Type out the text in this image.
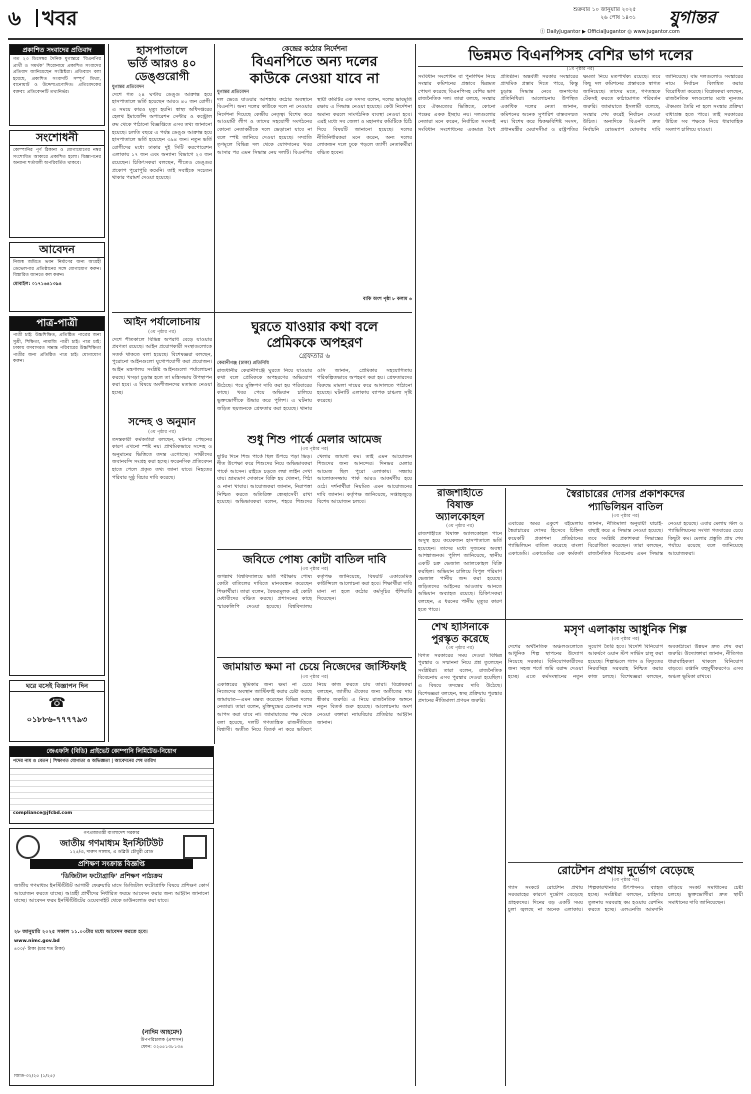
৬	খবর	শুক্রবার ১০ জানুয়ারি ২০২৫
২৬ পৌষ ১৪৩১	যুগান্তর
ⓕ DailyJugantor ▶ OfficialJugantor ◎ www.jugantor.com
প্রকাশিত সংবাদের প্রতিবাদ
গত ২৩ ডিসেম্বর দৈনিক যুগান্তরে 'বিএনপির প্রার্থী ও সমর্থক' শিরোনামে প্রকাশিত সংবাদের প্রতিবাদ জানিয়েছেন সংশ্লিষ্টরা। প্রতিবাদে বলা হয়েছে, প্রকাশিত সংবাদটি সম্পূর্ণ মিথ্যা, বানোয়াট ও উদ্দেশ্যপ্রণোদিত। প্রতিবেদকের বক্তব্য: প্রতিবেদনটি তথ্যনির্ভর।
সংশোধনী
কোম্পানির পূর্ণ ঠিকানা ও যোগাযোগের নম্বর সংশোধিত আকারে প্রকাশিত হলো। বিজ্ঞাপনের অন্যান্য শর্তাবলী অপরিবর্তিত থাকবে।
আবেদন
নিজস্ব জমিতে ভবন নির্মাণের জন্য আগ্রহী ডেভেলপার প্রতিষ্ঠানের সঙ্গে যোগাযোগ করুন। বিস্তারিত জানতে কল করুন।
মোবাইল: ০১৭১৬৪১৩৯৪
পাত্র-পাত্রী
পাত্রী চাই: উচ্চশিক্ষিত, প্রতিষ্ঠিত পাত্রের জন্য সুশ্রী, শিক্ষিতা, নামাজি পাত্রী চাই। পাত্র চাই: ঢাকায় বসবাসরত সম্ভ্রান্ত পরিবারের উচ্চশিক্ষিতা পাত্রীর জন্য প্রতিষ্ঠিত পাত্র চাই। যোগাযোগ করুন।
ঘরে বসেই বিজ্ঞাপন দিন
☎
০১৮৮৬-৭৭৭৭৯৩
হাসপাতালে
ভর্তি আরও ৪০
ডেঙ্গুরোগী
যুগান্তর প্রতিবেদন
দেশে গত ২৪ ঘণ্টায় ডেঙ্গু আক্রান্ত হয়ে হাসপাতালে ভর্তি হয়েছেন আরও ৪০ জন রোগী। এ সময়ে কারও মৃত্যু হয়নি। স্বাস্থ্য অধিদপ্তরের হেলথ ইমার্জেন্সি অপারেশন সেন্টার ও কন্ট্রোল রুম থেকে পাঠানো বিজ্ঞপ্তিতে এসব তথ্য জানানো হয়েছে। চলতি বছরে এ পর্যন্ত ডেঙ্গু আক্রান্ত হয়ে হাসপাতালে ভর্তি হয়েছেন ৩৯৪ জন। নতুন ভর্তি রোগীদের মধ্যে ঢাকার দুই সিটি করপোরেশন এলাকায় ১৭ জন এবং অন্যান্য বিভাগে ২৩ জন রয়েছেন। চিকিৎসকরা বলছেন, শীতেও ডেঙ্গুর প্রকোপ পুরোপুরি কমেনি। তাই সবাইকে সচেতন থাকার পরামর্শ দেওয়া হয়েছে।
কেন্দ্রের কঠোর নির্দেশনা
বিএনপিতে অন্য দলের
কাউকে নেওয়া যাবে না
যুগান্তর প্রতিবেদন
দল ভেঙে যাওয়ার আশঙ্কায় কঠোর অবস্থানে বিএনপি। অন্য দলের কাউকে দলে না নেওয়ার নির্দেশনা দিয়েছে কেন্দ্রীয় নেতৃত্ব। বিশেষ করে আওয়ামী লীগ ও তাদের সহযোগী সংগঠনের কোনো নেতাকর্মীকে দলে ভেড়ানো যাবে না বলে স্পষ্ট জানিয়ে দেওয়া হয়েছে। সম্প্রতি তৃণমূলে বিভিন্ন দল থেকে যোগদানের খবর আসার পর এমন সিদ্ধান্ত নেয় দলটি। বিএনপির স্থায়ী কমিটির এক সদস্য বলেন, দলের ভাবমূর্তি রক্ষায় এ সিদ্ধান্ত নেওয়া হয়েছে। কেউ নির্দেশনা অমান্য করলে সাংগঠনিক ব্যবস্থা নেওয়া হবে। এরই মধ্যে সব জেলা ও মহানগর কমিটিকে চিঠি দিয়ে বিষয়টি জানানো হয়েছে। দলের নীতিনির্ধারকরা মনে করেন, অন্য দলের লোকজন দলে ঢুকে পড়লে ত্যাগী নেতাকর্মীরা বঞ্চিত হবেন।
বাকি অংশ পৃষ্ঠা ৮ কলাম ৬
ভিন্নমত বিএনপিসহ বেশির ভাগ দলের
(১ম পৃষ্ঠার পর)
সংবিধান সংশোধন বা পুনর্লিখন নিয়ে সংস্কার কমিশনের প্রস্তাবে ভিন্নমত পোষণ করেছে বিএনপিসহ বেশির ভাগ রাজনৈতিক দল। তারা বলছে, সংস্কার হবে ঐকমত্যের ভিত্তিতে, কোনো পক্ষের একক ইচ্ছায় নয়। দলগুলোর নেতারা মনে করেন, নির্বাচিত সংসদই সংবিধান সংশোধনের একমাত্র বৈধ প্রতিষ্ঠান। অন্তর্বর্তী সরকার সংস্কারের প্রাথমিক প্রস্তাব দিতে পারে, কিন্তু চূড়ান্ত সিদ্ধান্ত নেবে জনগণের প্রতিনিধিরা। আলোচনায় উপস্থিত একাধিক দলের নেতা জানান, কমিশনের অনেক সুপারিশ বাস্তবসম্মত নয়। বিশেষ করে দ্বিকক্ষবিশিষ্ট সংসদ, প্রধানমন্ত্রীর মেয়াদসীমা ও রাষ্ট্রপতির ক্ষমতা নিয়ে মতপার্থক্য রয়েছে। তবে কিছু দল কমিশনের প্রস্তাবকে স্বাগত জানিয়েছে। তাদের মতে, গণতন্ত্রকে টেকসই করতে কাঠামোগত পরিবর্তন জরুরি। জামায়াতে ইসলামী বলেছে, সংস্কার শেষ করেই নির্বাচন দেওয়া উচিত। অন্যদিকে বিএনপি দ্রুত নির্বাচনি রোডম্যাপ ঘোষণার দাবি জানিয়েছে। বাম দলগুলোও সংস্কারের নামে নির্বাচন বিলম্বিত করার বিরোধিতা করেছে। বিশ্লেষকরা বলছেন, রাজনৈতিক দলগুলোর মধ্যে ন্যূনতম ঐকমত্য তৈরি না হলে সংস্কার প্রক্রিয়া বাধাগ্রস্ত হতে পারে। তাই সরকারের উচিত সব পক্ষকে নিয়ে ধারাবাহিক সংলাপ চালিয়ে যাওয়া।
আইন পর্যালোচনায়
(৩য় পৃষ্ঠার পর)
দেশে শীতকালে বিভিন্ন অপরাধ বেড়ে যাওয়ার প্রবণতা রয়েছে। আইন প্রয়োগকারী সংস্থাগুলোকে সতর্ক থাকতে বলা হয়েছে। বিশেষজ্ঞরা বলছেন, পুরোনো আইনগুলো যুগোপযোগী করা প্রয়োজন। আইন মন্ত্রণালয় সংশ্লিষ্ট আইনগুলো পর্যালোচনা করছে। খসড়া চূড়ান্ত হলে তা মন্ত্রিসভায় উপস্থাপন করা হবে। এ বিষয়ে অংশীজনদের মতামত নেওয়া হচ্ছে।
ঘুরতে যাওয়ার কথা বলে
প্রেমিককে অপহরণ
গ্রেফতার ৬
কেরানীগঞ্জ (ঢাকা) প্রতিনিধি
রাজধানীর কেরানীগঞ্জে ঘুরতে নিয়ে যাওয়ার কথা বলে প্রেমিককে অপহরণের অভিযোগ উঠেছে। পরে মুক্তিপণ দাবি করা হয় পরিবারের কাছে। খবর পেয়ে অভিযান চালিয়ে ভুক্তভোগীকে উদ্ধার করে পুলিশ। এ ঘটনায় জড়িত ছয়জনকে গ্রেফতার করা হয়েছে। থানার ওসি জানান, প্রেমিকার সহযোগিতায় পরিকল্পিতভাবে অপহরণ করা হয়। গ্রেফতারদের বিরুদ্ধে মামলা দায়ের করে আদালতে পাঠানো হয়েছে। ঘটনাটি এলাকায় ব্যাপক চাঞ্চল্য সৃষ্টি করেছে।
সন্দেহ ও অনুমান
(৩য় পৃষ্ঠার পর)
তদন্তকারী কর্মকর্তারা বলছেন, ঘটনার পেছনের কারণ এখনো স্পষ্ট নয়। প্রাথমিকভাবে সন্দেহ ও অনুমানের ভিত্তিতে তদন্ত এগোচ্ছে। সাক্ষীদের জবানবন্দি সংগ্রহ করা হচ্ছে। ফরেনসিক প্রতিবেদন হাতে পেলে প্রকৃত তথ্য জানা যাবে। নিহতের পরিবার সুষ্ঠু বিচার দাবি করেছে।
শুধু শিশু পার্কে মেলার আমেজ
(৩য় পৃষ্ঠার পর)
ছুটির দিনে শিশু পার্কে ছিল উপচে পড়া ভিড়। শীত উপেক্ষা করে শিশুদের নিয়ে অভিভাবকরা পার্কে আসেন। রাইডে চড়তে লম্বা লাইন দেখা যায়। ভ্রাম্যমাণ দোকানে বিক্রি হয় খেলনা, পিঠা ও নানা খাবার। আয়োজকরা জানান, নিরাপত্তা নিশ্চিত করতে অতিরিক্ত স্বেচ্ছাসেবী রাখা হয়েছে। অভিভাবকরা বলেন, শহরে শিশুদের খেলার জায়গা কম। তাই এমন আয়োজন শিশুদের জন্য আনন্দের। দিনভর মেলার আমেজ ছিল পুরো এলাকায়। সন্ধ্যায় আলোকসজ্জায় পার্ক আরও আকর্ষণীয় হয়ে ওঠে। দর্শনার্থীরা নিয়মিত এমন আয়োজনের দাবি জানান। কর্তৃপক্ষ জানিয়েছে, সপ্তাহজুড়ে বিশেষ আয়োজন চলবে।
রাজশাহীতে
বিষাক্ত
অ্যালকোহল
(৩য় পৃষ্ঠার পর)
রাজশাহীতে বিষাক্ত অ্যালকোহল পানে অসুস্থ হয়ে কয়েকজন হাসপাতালে ভর্তি হয়েছেন। তাদের মধ্যে দুজনের অবস্থা আশঙ্কাজনক। পুলিশ জানিয়েছে, স্থানীয় একটি চক্র ভেজাল অ্যালকোহল বিক্রি করছিল। অভিযান চালিয়ে বিপুল পরিমাণ ভেজাল পানীয় জব্দ করা হয়েছে। জড়িতদের আইনের আওতায় আনতে অভিযান অব্যাহত রয়েছে। চিকিৎসকরা বলছেন, এ ধরনের পানীয় মৃত্যুর কারণ হতে পারে।
স্বৈরাচারের দোসর প্রকাশকদের
প্যাভিলিয়ন বাতিল
(৩য় পৃষ্ঠার পর)
এবারের অমর একুশে বইমেলায় স্বৈরাচারের দোসর হিসেবে চিহ্নিত কয়েকটি প্রকাশনা প্রতিষ্ঠানের প্যাভিলিয়ন বাতিল করেছে বাংলা একাডেমি। একাডেমির এক কর্মকর্তা জানান, নীতিমালা অনুযায়ী যাচাই-বাছাই করে এ সিদ্ধান্ত নেওয়া হয়েছে। তবে সংশ্লিষ্ট প্রকাশকরা সিদ্ধান্তের বিরোধিতা করেছেন। তারা বলছেন, রাজনৈতিক বিবেচনায় এমন সিদ্ধান্ত নেওয়া হয়েছে। এবার মেলায় স্টল ও প্যাভিলিয়নের সংখ্যা গতবারের চেয়ে কিছুটা কম। মেলার প্রস্তুতি প্রায় শেষ পর্যায়ে রয়েছে বলে জানিয়েছে আয়োজকরা।
জেএফসি (বিডি) প্রাইভেট কোম্পানি লিমিটেড-নিয়োগ
পদের নাম ও বেতন | শিক্ষাগত যোগ্যতা ও অভিজ্ঞতা | আবেদনের শেষ তারিখ
compliance@jfcbd.com
গণপ্রজাতন্ত্রী বাংলাদেশ সরকার
জাতীয় গণমাধ্যম ইনস্টিটিউট
১২৫/এ, দারুস সালাম, এ ডব্লিউ চৌধুরী রোড
প্রশিক্ষণ সংক্রান্ত বিজ্ঞপ্তি
'ডিজিটাল ফটোগ্রাফি' প্রশিক্ষণ পাঠ্যক্রম
জাতীয় গণমাধ্যম ইনস্টিটিউট আগামী ফেব্রুয়ারি মাসে ডিজিটাল ফটোগ্রাফি বিষয়ে প্রশিক্ষণ কোর্স আয়োজন করতে যাচ্ছে। আগ্রহী প্রার্থীদের নির্ধারিত ফরমে আবেদন করার জন্য আহ্বান জানানো যাচ্ছে। আবেদন ফরম ইনস্টিটিউটের ওয়েবসাইট থেকে ডাউনলোড করা যাবে।
২৮ জানুয়ারি ২০২৫ সকাল ১১.০০টার মধ্যে আবেদন করতে হবে।
www.nimc.gov.bd
৪০০/- টাকা (চার শত টাকা)
(নাদিম আহমেদ)
উপপরিচালক (প্রশাসন)
ফোন: ০২৫৫১৩৮১৩৪
জিডি-৩২/২৫ (১/২৫)
জবিতে পোষ্য কোটা বাতিল দাবি
(৩য় পৃষ্ঠার পর)
জগন্নাথ বিশ্ববিদ্যালয়ে ভর্তি পরীক্ষায় পোষ্য কোটা বাতিলের দাবিতে মানববন্ধন করেছেন শিক্ষার্থীরা। তারা বলেন, বৈষম্যমূলক এই কোটা মেধাবীদের বঞ্চিত করছে। প্রশাসনের কাছে স্মারকলিপি দেওয়া হয়েছে। বিশ্ববিদ্যালয় কর্তৃপক্ষ জানিয়েছে, বিষয়টি একাডেমিক কাউন্সিলে আলোচনা করা হবে। শিক্ষার্থীরা দাবি মানা না হলে কঠোর কর্মসূচির হুঁশিয়ারি দিয়েছেন।
মসৃণ এলাকায় আধুনিক শিল্প
(৩য় পৃষ্ঠার পর)
দেশের অর্থনৈতিক অঞ্চলগুলোতে আধুনিক শিল্প স্থাপনের উদ্যোগ নিয়েছে সরকার। বিনিয়োগকারীদের জন্য সহজ শর্তে জমি বরাদ্দ দেওয়া হচ্ছে। এতে কর্মসংস্থানের নতুন সুযোগ তৈরি হবে। বিদেশি বিনিয়োগ আকর্ষণে ওয়ান স্টপ সার্ভিস চালু করা হয়েছে। শিল্পাঞ্চলে গ্যাস ও বিদ্যুতের নিরবচ্ছিন্ন সরবরাহ নিশ্চিত করার কাজ চলছে। বিশেষজ্ঞরা বলছেন, অবকাঠামো উন্নয়ন দ্রুত শেষ করা জরুরি। উদ্যোক্তারা জানান, নীতিগত ধারাবাহিকতা থাকলে বিনিয়োগ বাড়বে। রপ্তানি বহুমুখীকরণেও এসব অঞ্চল ভূমিকা রাখবে।
জামায়াত ক্ষমা না চেয়ে নিজেদের জাস্টিফাই
(৩য় পৃষ্ঠার পর)
একাত্তরের ভূমিকার জন্য ক্ষমা না চেয়ে নিজেদের অবস্থান জাস্টিফাই করার চেষ্টা করছে জামায়াত—এমন মন্তব্য করেছেন বিভিন্ন দলের নেতারা। তারা বলেন, মুক্তিযুদ্ধের চেতনার সঙ্গে আপস করা যাবে না। জামায়াতের পক্ষ থেকে বলা হয়েছে, দলটি গণতান্ত্রিক রাজনীতিতে বিশ্বাসী। অতীত নিয়ে বিতর্ক না করে ভবিষ্যৎ নিয়ে কাজ করতে চায় তারা। বিশ্লেষকরা বলছেন, জাতীয় ঐক্যের জন্য অতীতের দায় স্বীকার জরুরি। এ নিয়ে রাজনৈতিক অঙ্গনে নতুন বিতর্ক শুরু হয়েছে। আলোচনায় অংশ নেওয়া বক্তারা ন্যায়বিচার প্রতিষ্ঠার আহ্বান জানান।
শেখ হাসিনাকে
পুরস্কৃত করেছে
(৩য় পৃষ্ঠার পর)
বিগত সরকারের সময় দেওয়া বিভিন্ন পুরস্কার ও সম্মাননা নিয়ে প্রশ্ন তুলেছেন সংশ্লিষ্টরা। তারা বলেন, রাজনৈতিক বিবেচনায় এসব পুরস্কার দেওয়া হয়েছিল। এ বিষয়ে তদন্তের দাবি উঠেছে। বিশেষজ্ঞরা বলছেন, স্বচ্ছ প্রক্রিয়ায় পুরস্কার প্রদানের নীতিমালা প্রণয়ন জরুরি।
রোটেশন প্রথায় দুর্ভোগ বেড়েছে
(৩য় পৃষ্ঠার পর)
গ্যাস সংকটে রোটেশন প্রথায় সরবরাহের কারণে দুর্ভোগ বেড়েছে গ্রাহকদের। দিনের বড় একটি সময় চুলা জ্বলছে না অনেক এলাকায়। শিল্পকারখানার উৎপাদনও ব্যাহত হচ্ছে। সংশ্লিষ্টরা বলছেন, চাহিদার তুলনায় সরবরাহ কম হওয়ায় রেশনিং করতে হচ্ছে। এলএনজি আমদানি বাড়িয়ে সংকট সমাধানের চেষ্টা চলছে। ভুক্তভোগীরা দ্রুত স্থায়ী সমাধানের দাবি জানিয়েছেন।
